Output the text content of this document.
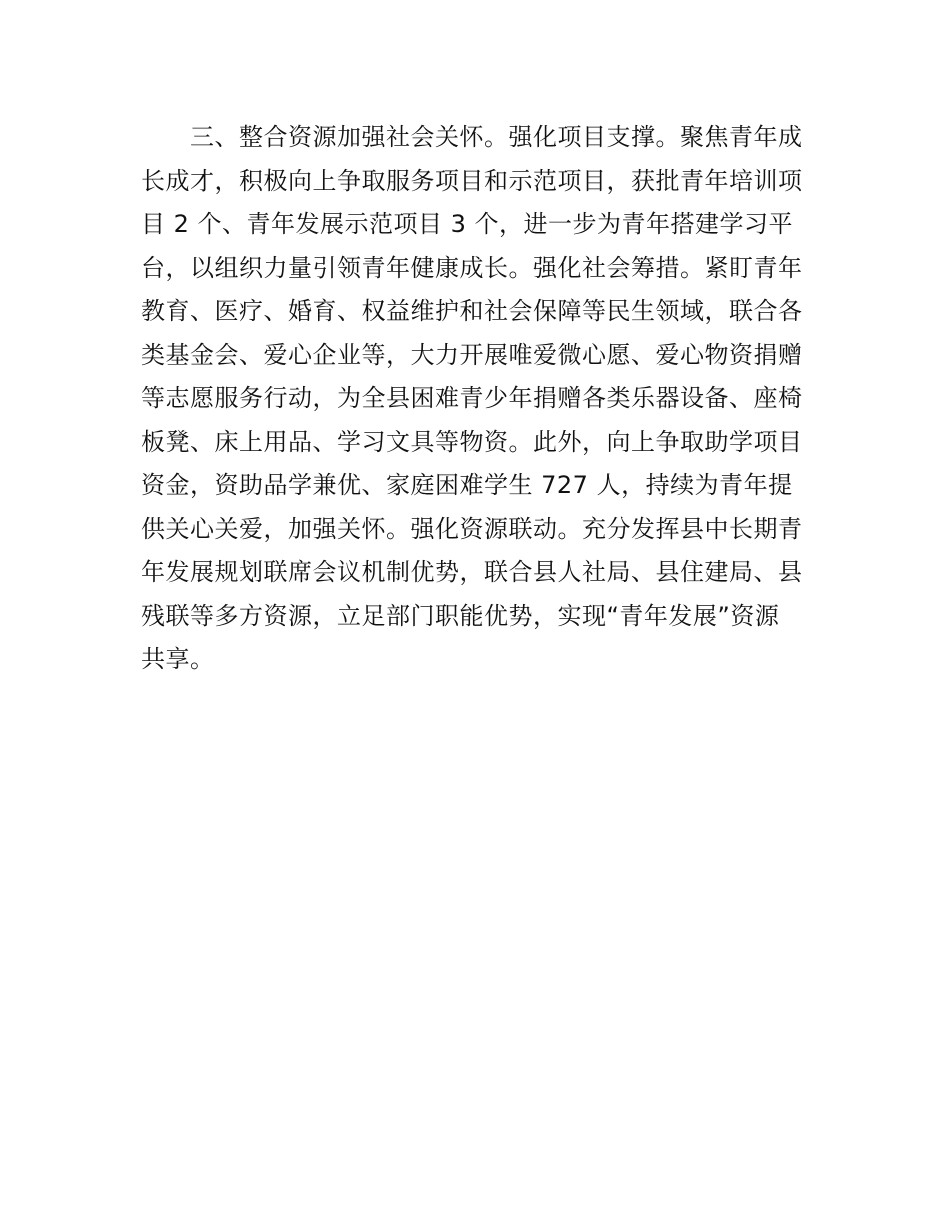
　　三、整合资源加强社会关怀。强化项目支撑。聚焦青年成
长成才，积极向上争取服务项目和示范项目，获批青年培训项
目 2 个、青年发展示范项目 3 个，进一步为青年搭建学习平
台，以组织力量引领青年健康成长。强化社会筹措。紧盯青年
教育、医疗、婚育、权益维护和社会保障等民生领域，联合各
类基金会、爱心企业等，大力开展唯爱微心愿、爱心物资捐赠
等志愿服务行动，为全县困难青少年捐赠各类乐器设备、座椅
板凳、床上用品、学习文具等物资。此外，向上争取助学项目
资金，资助品学兼优、家庭困难学生 727 人，持续为青年提
供关心关爱，加强关怀。强化资源联动。充分发挥县中长期青
年发展规划联席会议机制优势，联合县人社局、县住建局、县
残联等多方资源，立足部门职能优势，实现“青年发展”资源
共享。
